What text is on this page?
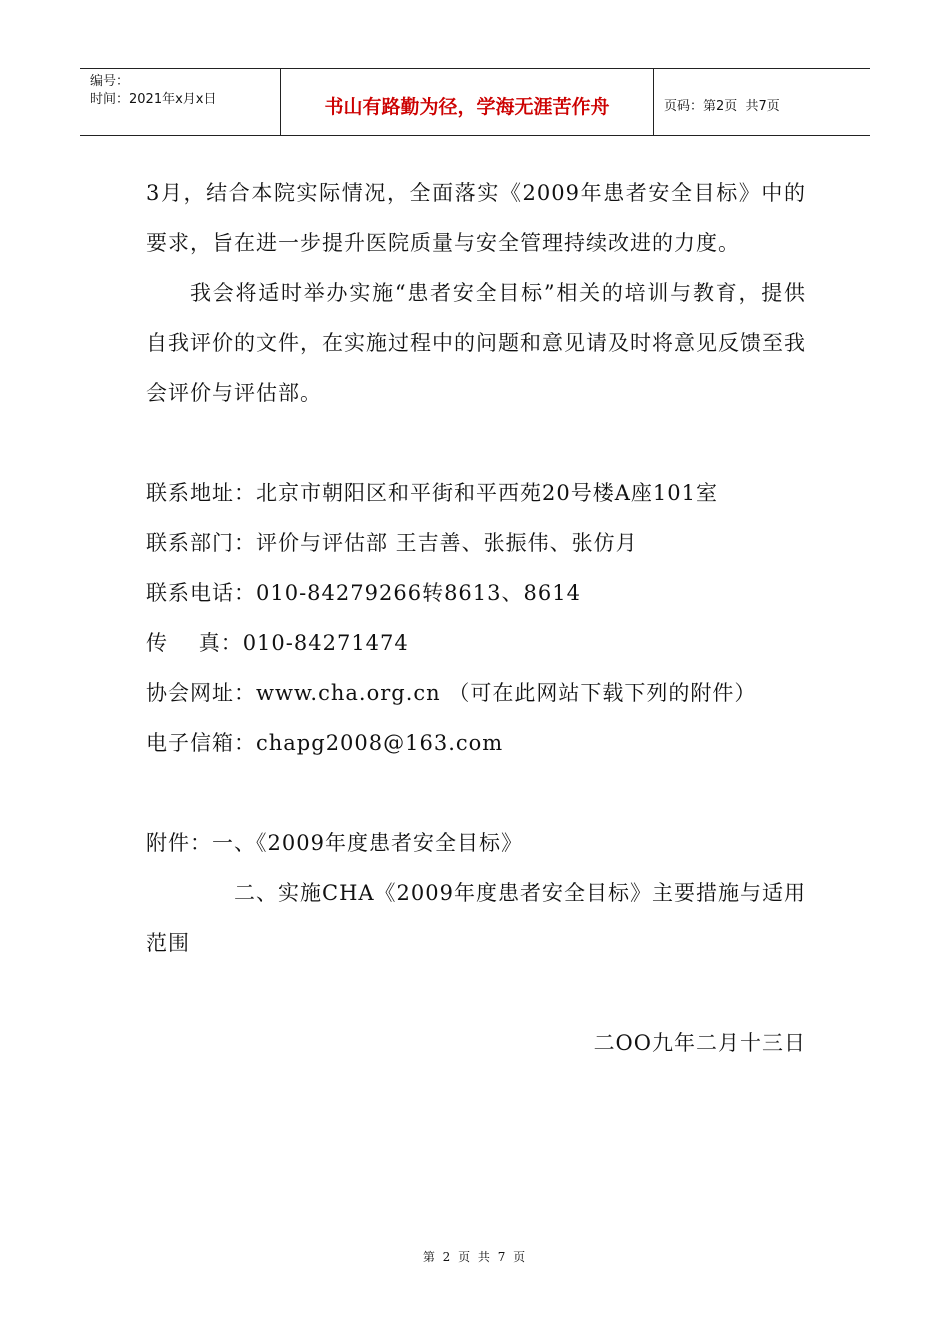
编号：
时间：2021年x月x日	书山有路勤为径，学海无涯苦作舟	页码：第2页  共7页

3月，结合本院实际情况，全面落实《2009年患者安全目标》中的要求，旨在进一步提升医院质量与安全管理持续改进的力度。

我会将适时举办实施“患者安全目标”相关的培训与教育，提供自我评价的文件，在实施过程中的问题和意见请及时将意见反馈至我会评价与评估部。

联系地址：北京市朝阳区和平街和平西苑20号楼A座101室

联系部门：评价与评估部 王吉善、张振伟、张仿月

联系电话：010-84279266转8613、8614

传    真：010-84271474

协会网址：www.cha.org.cn （可在此网站下载下列的附件）

电子信箱：chapg2008@163.com

附件：一、《2009年度患者安全目标》

二、实施CHA《2009年度患者安全目标》主要措施与适用范围

二OO九年二月十三日

第 2 页 共 7 页
